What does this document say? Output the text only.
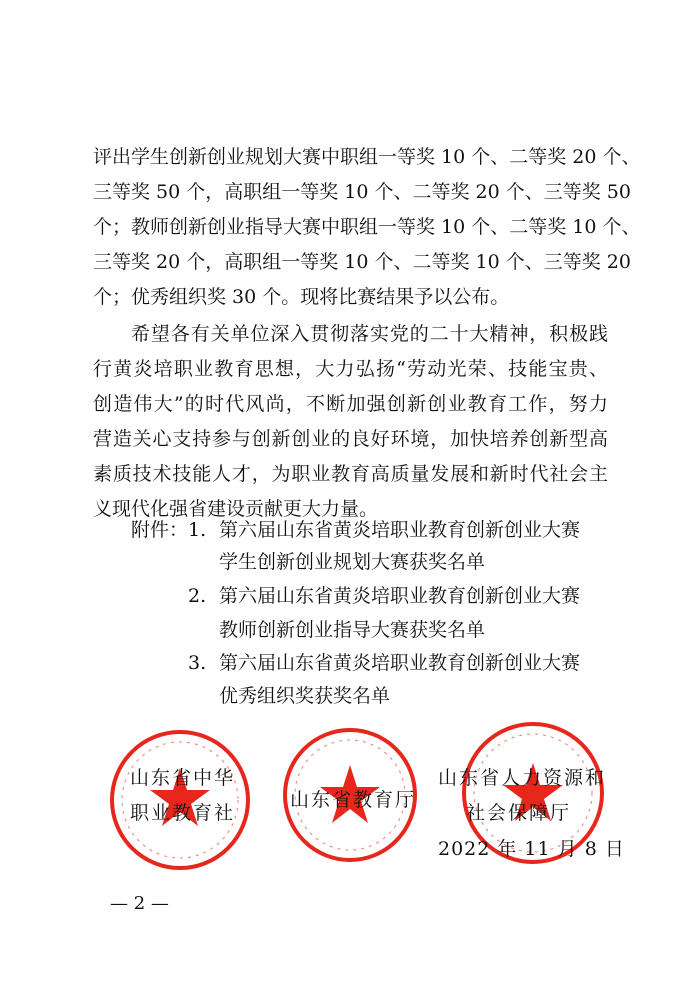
评出学生创新创业规划大赛中职组一等奖 10 个、二等奖 20 个、
三等奖 50 个，高职组一等奖 10 个、二等奖 20 个、三等奖 50
个；教师创新创业指导大赛中职组一等奖 10 个、二等奖 10 个、
三等奖 20 个，高职组一等奖 10 个、二等奖 10 个、三等奖 20
个；优秀组织奖 30 个。现将比赛结果予以公布。
希望各有关单位深入贯彻落实党的二十大精神，积极践
行黄炎培职业教育思想，大力弘扬“劳动光荣、技能宝贵、
创造伟大”的时代风尚，不断加强创新创业教育工作，努力
营造关心支持参与创新创业的良好环境，加快培养创新型高
素质技术技能人才，为职业教育高质量发展和新时代社会主
义现代化强省建设贡献更大力量。
附件： 1. 第六届山东省黄炎培职业教育创新创业大赛
学生创新创业规划大赛获奖名单
2. 第六届山东省黄炎培职业教育创新创业大赛
教师创新创业指导大赛获奖名单
3. 第六届山东省黄炎培职业教育创新创业大赛
优秀组织奖获奖名单
山东省中华
职业教育社
山东省教育厅
山东省人力资源和
社会保障厅
2022 年 11 月 8 日
— 2 —
